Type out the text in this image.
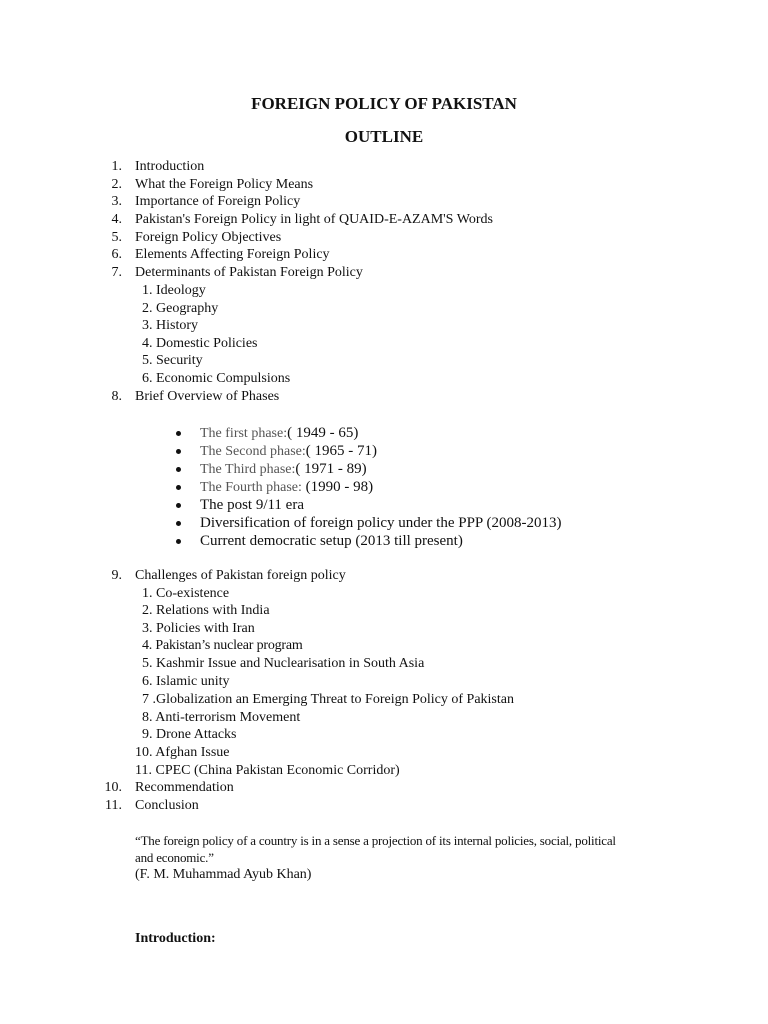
FOREIGN POLICY OF PAKISTAN
OUTLINE
1. Introduction
2. What the Foreign Policy Means
3. Importance of Foreign Policy
4. Pakistan's Foreign Policy in light of QUAID-E-AZAM'S Words
5. Foreign Policy Objectives
6. Elements Affecting Foreign Policy
7. Determinants of Pakistan Foreign Policy
1. Ideology
2. Geography
3. History
4. Domestic Policies
5. Security
6. Economic Compulsions
8. Brief Overview of Phases
The first phase:( 1949 - 65)
The Second phase:( 1965 - 71)
The Third phase:( 1971 - 89)
The Fourth phase: (1990 - 98)
The post 9/11 era
Diversification of foreign policy under the PPP (2008-2013)
Current democratic setup (2013 till present)
9. Challenges of Pakistan foreign policy
1. Co-existence
2. Relations with India
3. Policies with Iran
4. Pakistan’s nuclear program
5. Kashmir Issue and Nuclearisation in South Asia
6. Islamic unity
7 .Globalization an Emerging Threat to Foreign Policy of Pakistan
8. Anti-terrorism Movement
9. Drone Attacks
10. Afghan Issue
11. CPEC (China Pakistan Economic Corridor)
10. Recommendation
11. Conclusion
“The foreign policy of a country is in a sense a projection of its internal policies, social, political
and economic.”
(F. M. Muhammad Ayub Khan)
Introduction:
